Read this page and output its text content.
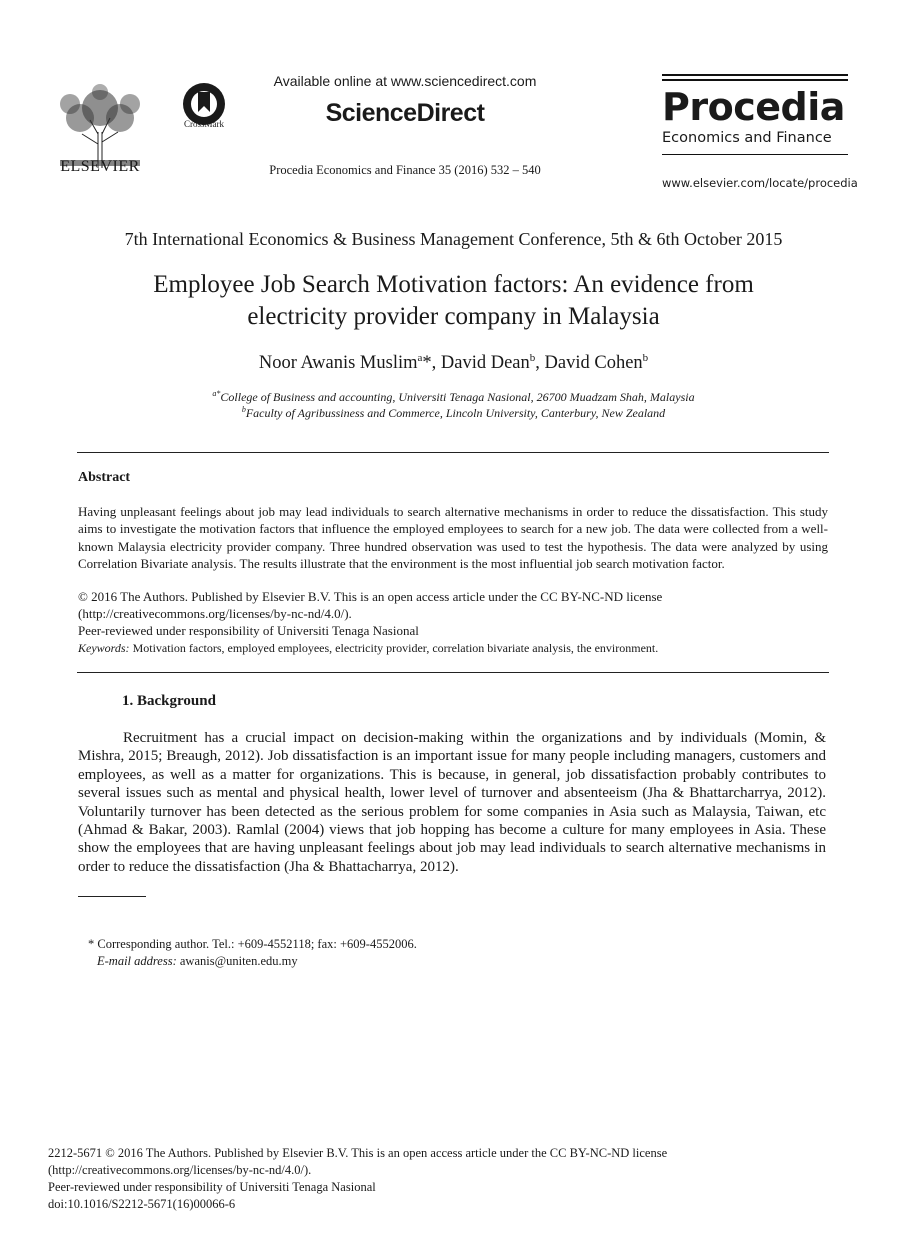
ELSEVIER
CrossMark
Available online at www.sciencedirect.com
ScienceDirect
Procedia Economics and Finance 35 (2016) 532 – 540
Procedia
Economics and Finance
www.elsevier.com/locate/procedia
7th International Economics & Business Management Conference, 5th & 6th October 2015
Employee Job Search Motivation factors: An evidence from
electricity provider company in Malaysia
Noor Awanis Muslim$^a$*, David Dean$^b$, David Cohen$^b$
$^{a*}$College of Business and accounting, Universiti Tenaga Nasional, 26700 Muadzam Shah, Malaysia
$^b$Faculty of Agribussiness and Commerce, Lincoln University, Canterbury, New Zealand
Abstract
Having unpleasant feelings about job may lead individuals to search alternative mechanisms in order to reduce the dissatisfaction. This study aims to investigate the motivation factors that influence the employed employees to search for a new job. The data were collected from a well-known Malaysia electricity provider company. Three hundred observation was used to test the hypothesis. The data were analyzed by using Correlation Bivariate analysis. The results illustrate that the environment is the most influential job search motivation factor.
© 2016 The Authors. Published by Elsevier B.V. This is an open access article under the CC BY-NC-ND license
(http://creativecommons.org/licenses/by-nc-nd/4.0/).
Peer-reviewed under responsibility of Universiti Tenaga Nasional
Keywords: Motivation factors, employed employees, electricity provider, correlation bivariate analysis, the environment.
1. Background
Recruitment has a crucial impact on decision-making within the organizations and by individuals (Momin, & Mishra, 2015; Breaugh, 2012). Job dissatisfaction is an important issue for many people including managers, customers and employees, as well as a matter for organizations. This is because, in general, job dissatisfaction probably contributes to several issues such as mental and physical health, lower level of turnover and absenteeism (Jha & Bhattarcharrya, 2012). Voluntarily turnover has been detected as the serious problem for some companies in Asia such as Malaysia, Taiwan, etc (Ahmad & Bakar, 2003). Ramlal (2004) views that job hopping has become a culture for many employees in Asia. These show the employees that are having unpleasant feelings about job may lead individuals to search alternative mechanisms in order to reduce the dissatisfaction (Jha & Bhattacharrya, 2012).
* Corresponding author. Tel.: +609-4552118; fax: +609-4552006.
E-mail address: awanis@uniten.edu.my
2212-5671 © 2016 The Authors. Published by Elsevier B.V. This is an open access article under the CC BY-NC-ND license
(http://creativecommons.org/licenses/by-nc-nd/4.0/).
Peer-reviewed under responsibility of Universiti Tenaga Nasional
doi:10.1016/S2212-5671(16)00066-6
